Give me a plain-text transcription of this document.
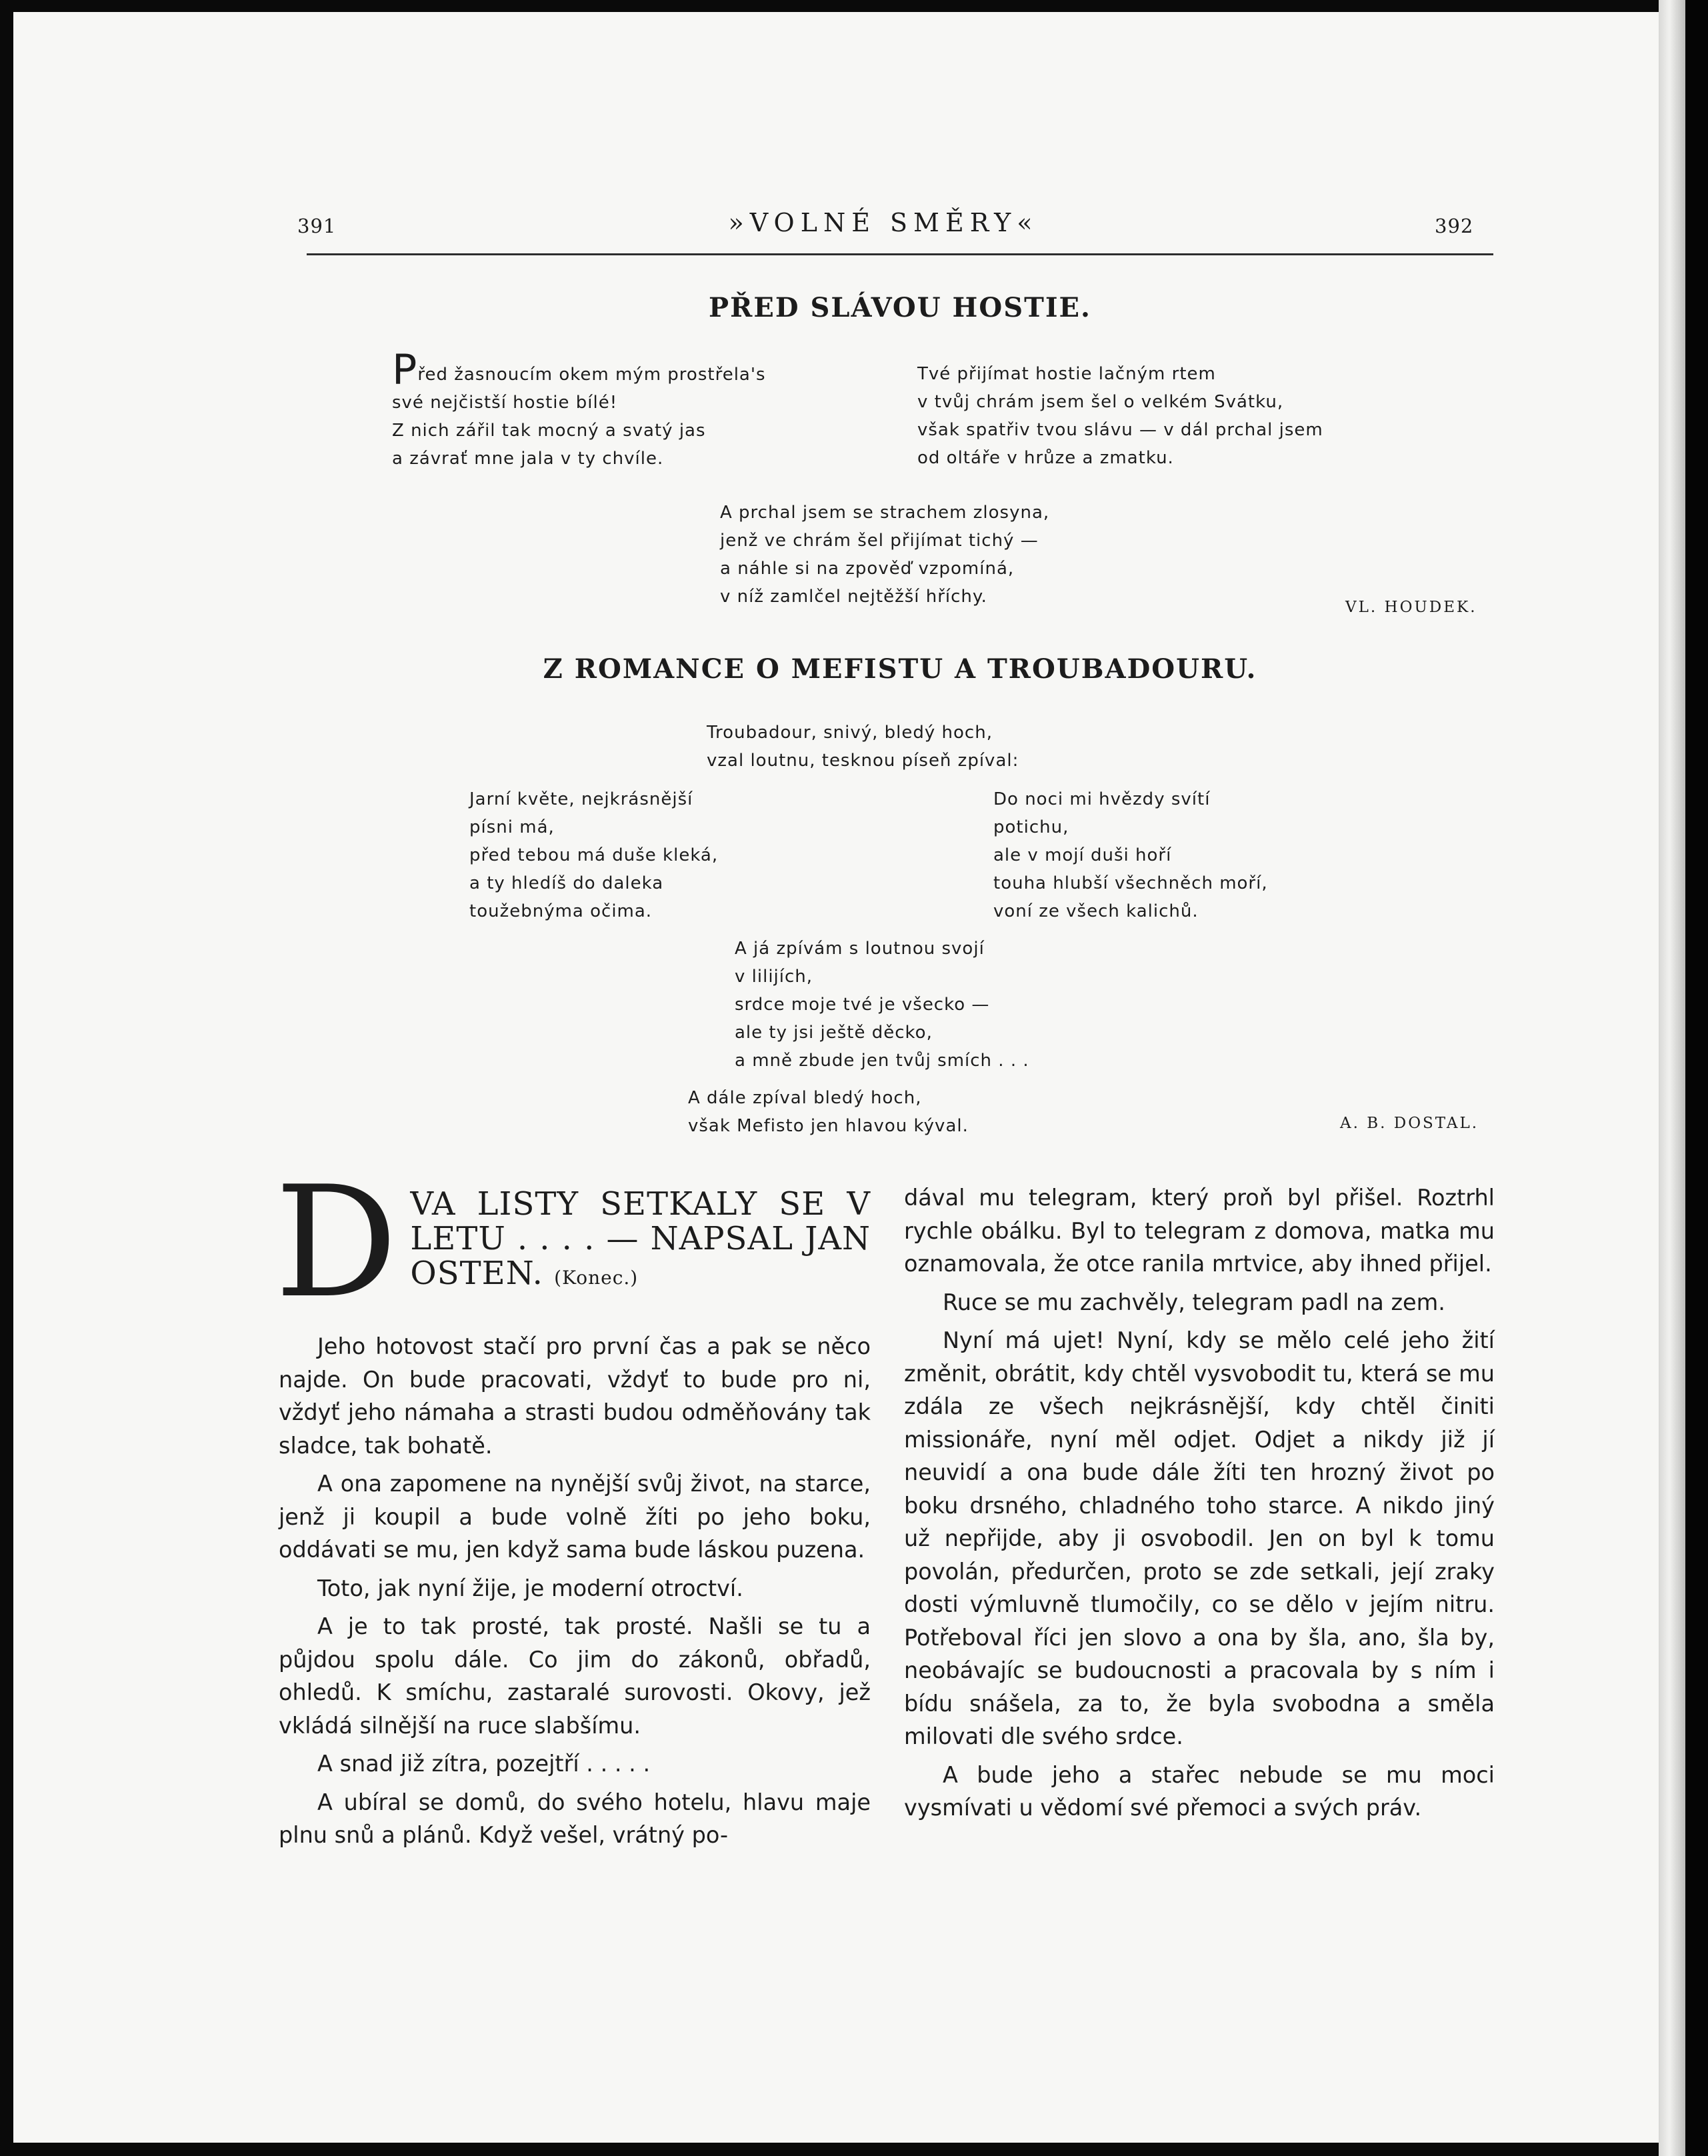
391	»VOLNÉ SMĚRY«	392
PŘED SLÁVOU HOSTIE.
Před žasnoucím okem mým prostřela's
své nejčistší hostie bílé!
Z nich zářil tak mocný a svatý jas
a závrať mne jala v ty chvíle.
Tvé přijímat hostie lačným rtem
v tvůj chrám jsem šel o velkém Svátku,
však spatřiv tvou slávu — v dál prchal jsem
od oltáře v hrůze a zmatku.
A prchal jsem se strachem zlosyna,
jenž ve chrám šel přijímat tichý —
a náhle si na zpověď vzpomíná,
v níž zamlčel nejtěžší hříchy.
VL. HOUDEK.
Z ROMANCE O MEFISTU A TROUBADOURU.
Troubadour, snivý, bledý hoch,
vzal loutnu, tesknou píseň zpíval:
Jarní květe, nejkrásnější
písni má,
před tebou má duše kleká,
a ty hledíš do daleka
toužebnýma očima.
Do noci mi hvězdy svítí
potichu,
ale v mojí duši hoří
touha hlubší všechněch moří,
voní ze všech kalichů.
A já zpívám s loutnou svojí
v lilijích,
srdce moje tvé je všecko —
ale ty jsi ještě děcko,
a mně zbude jen tvůj smích . . .
A dále zpíval bledý hoch,
však Mefisto jen hlavou kýval.	A. B. DOSTAL.
D VA LISTY SETKALY SE V LETU . . . . — NAPSAL JAN OSTEN. (Konec.)

Jeho hotovost stačí pro první čas a pak se něco najde. On bude pracovati, vždyť to bude pro ni, vždyť jeho námaha a strasti budou odměňovány tak sladce, tak bohatě.

A ona zapomene na nynější svůj život, na starce, jenž ji koupil a bude volně žíti po jeho boku, oddávati se mu, jen když sama bude láskou puzena.

Toto, jak nyní žije, je moderní otroctví.

A je to tak prosté, tak prosté. Našli se tu a půjdou spolu dále. Co jim do zákonů, obřadů, ohledů. K smíchu, zastaralé surovosti. Okovy, jež vkládá silnější na ruce slabšímu.

A snad již zítra, pozejtří . . . . .

A ubíral se domů, do svého hotelu, hlavu maje plnu snů a plánů. Když vešel, vrátný po-

dával mu telegram, který proň byl přišel. Roztrhl rychle obálku. Byl to telegram z domova, matka mu oznamovala, že otce ranila mrtvice, aby ihned přijel.

Ruce se mu zachvěly, telegram padl na zem.

Nyní má ujet! Nyní, kdy se mělo celé jeho žití změnit, obrátit, kdy chtěl vysvobodit tu, která se mu zdála ze všech nejkrásnější, kdy chtěl činiti missionáře, nyní měl odjet. Odjet a nikdy již jí neuvidí a ona bude dále žíti ten hrozný život po boku drsného, chladného toho starce. A nikdo jiný už nepřijde, aby ji osvobodil. Jen on byl k tomu povolán, předurčen, proto se zde setkali, její zraky dosti výmluvně tlumočily, co se dělo v jejím nitru. Potřeboval říci jen slovo a ona by šla, ano, šla by, neobávajíc se budoucnosti a pracovala by s ním i bídu snášela, za to, že byla svobodna a směla milovati dle svého srdce.

A bude jeho a stařec nebude se mu moci vysmívati u vědomí své přemoci a svých práv.
